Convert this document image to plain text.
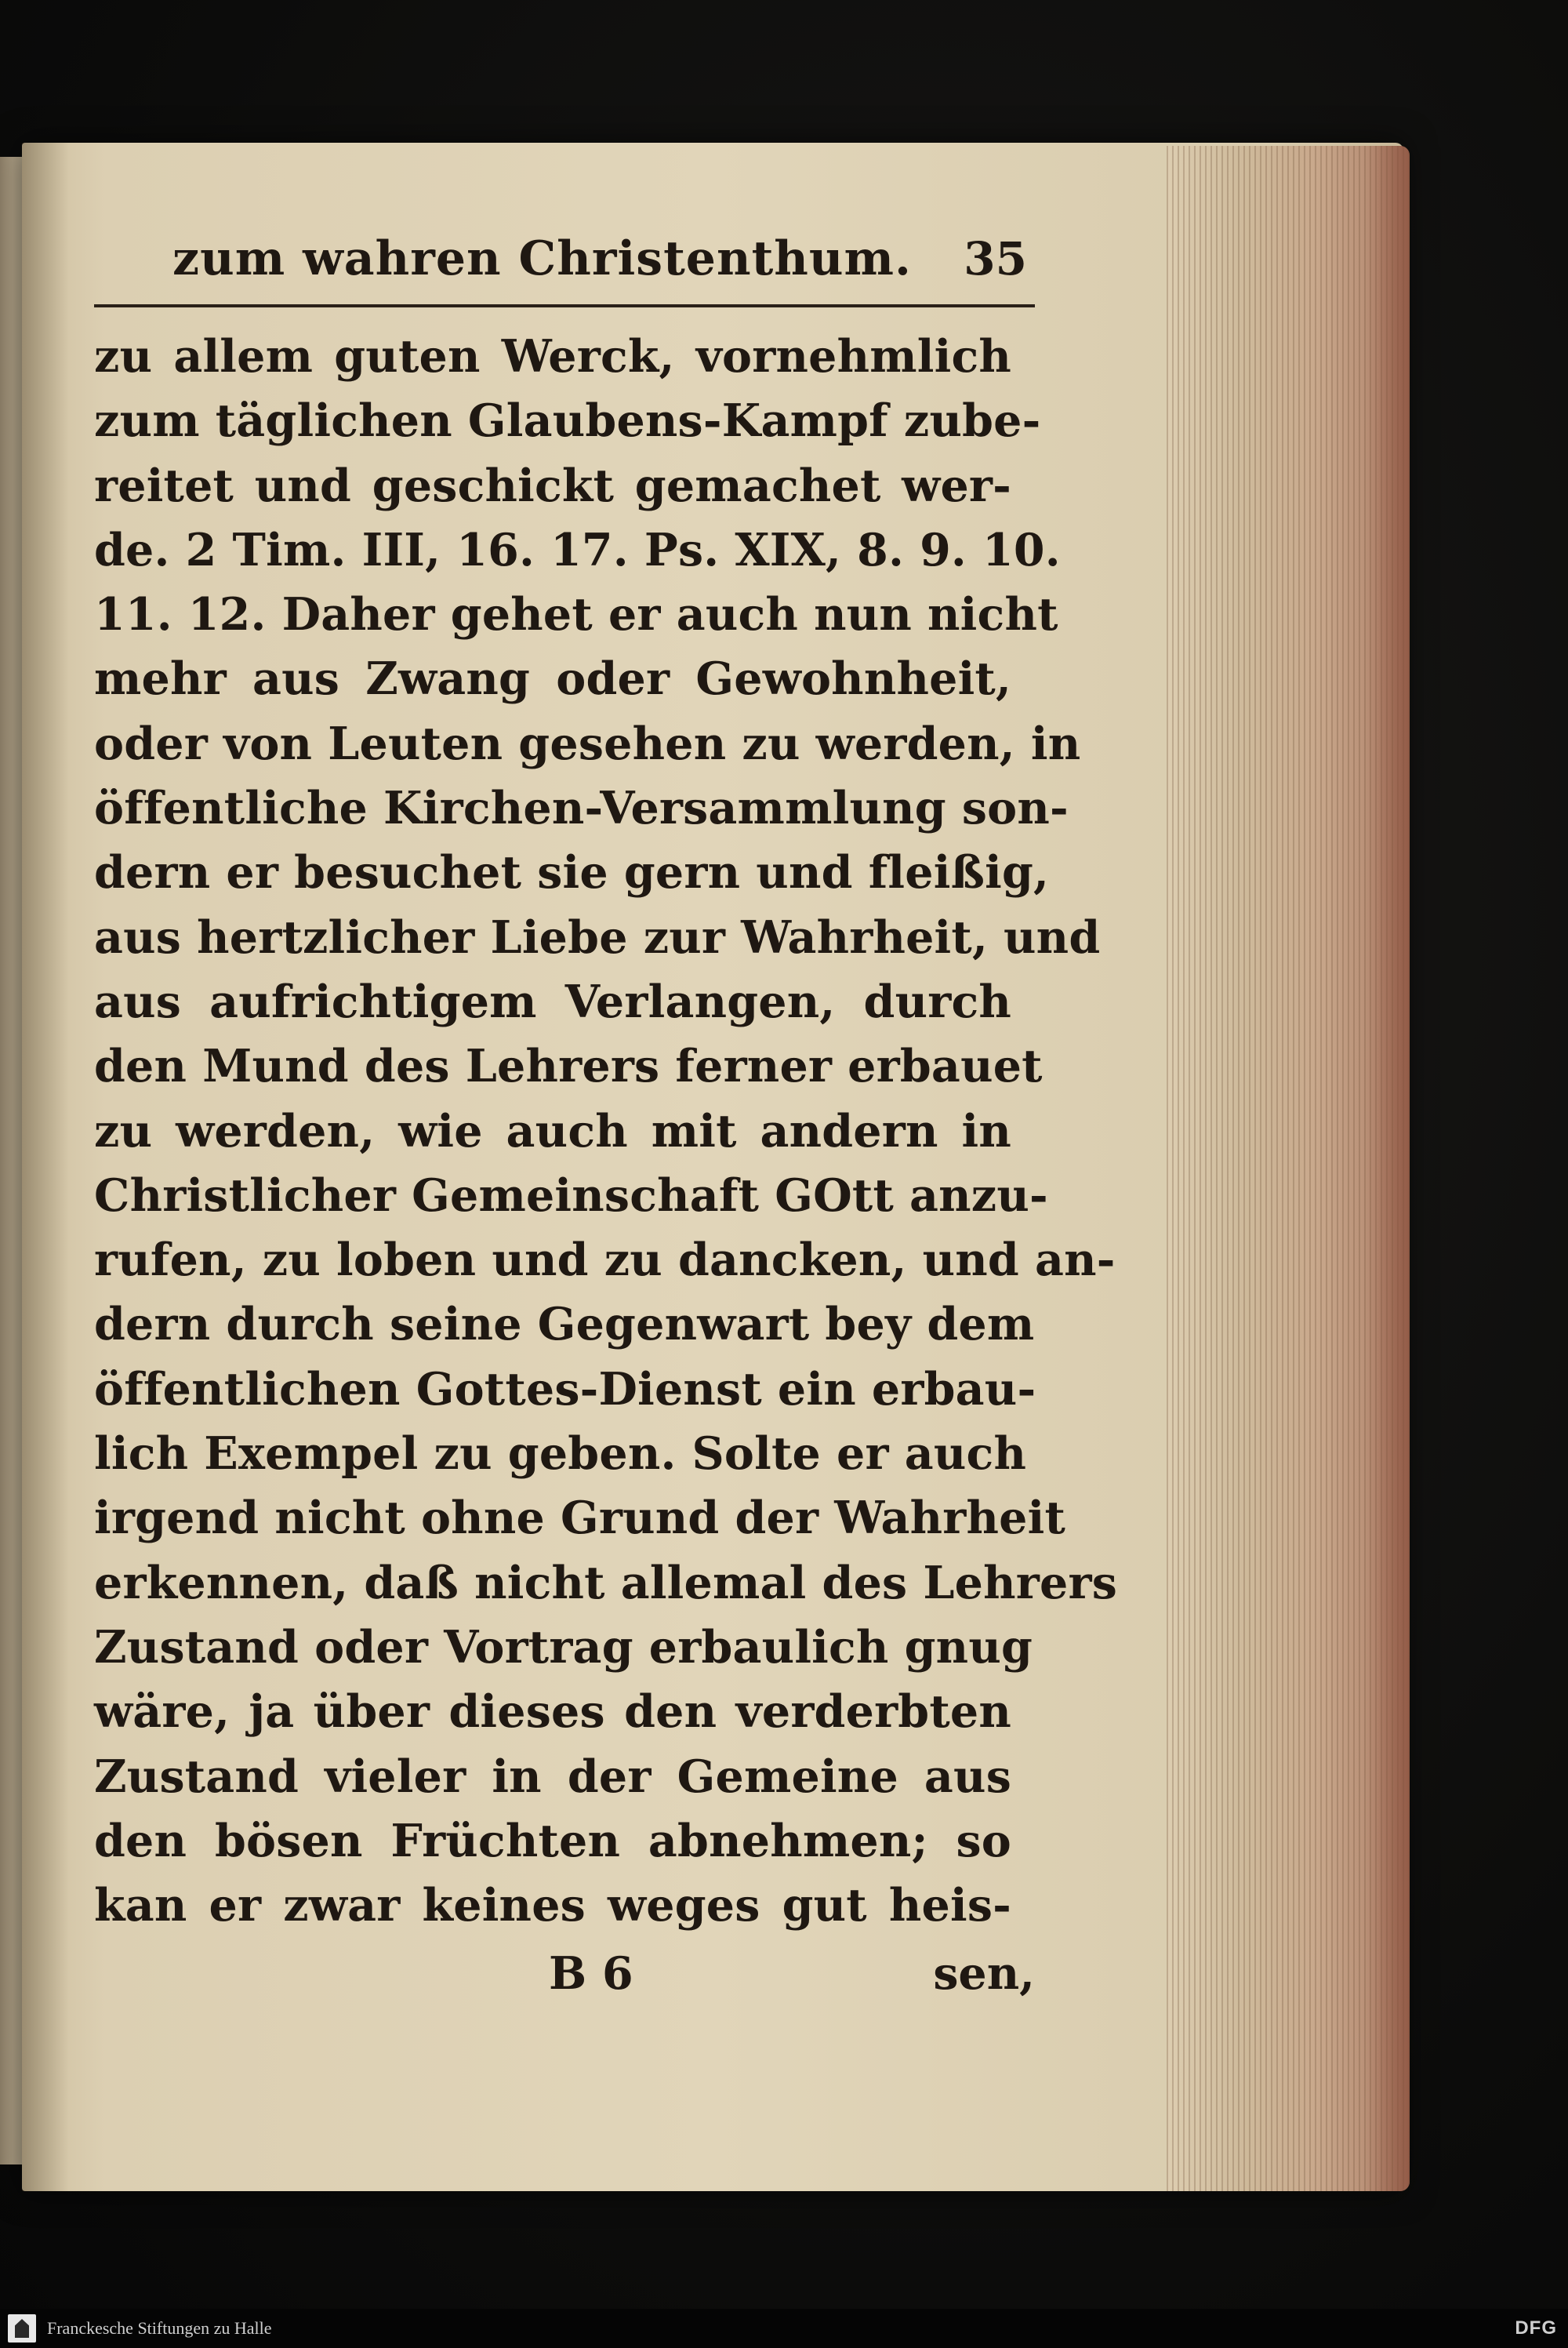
zum wahren Christenthum. 35
zu allem guten Werck, vornehmlich
zum täglichen Glaubens-Kampf zube-
reitet und geschickt gemachet wer-
de. 2 Tim. III, 16. 17. Ps. XIX, 8. 9. 10.
11. 12. Daher gehet er auch nun nicht
mehr aus Zwang oder Gewohnheit,
oder von Leuten gesehen zu werden, in
öffentliche Kirchen-Versammlung son-
dern er besuchet sie gern und fleißig,
aus hertzlicher Liebe zur Wahrheit, und
aus aufrichtigem Verlangen, durch
den Mund des Lehrers ferner erbauet
zu werden, wie auch mit andern in
Christlicher Gemeinschaft GOtt anzu-
rufen, zu loben und zu dancken, und an-
dern durch seine Gegenwart bey dem
öffentlichen Gottes-Dienst ein erbau-
lich Exempel zu geben. Solte er auch
irgend nicht ohne Grund der Wahrheit
erkennen, daß nicht allemal des Lehrers
Zustand oder Vortrag erbaulich gnug
wäre, ja über dieses den verderbten
Zustand vieler in der Gemeine aus
den bösen Früchten abnehmen; so
kan er zwar keines weges gut heis-
B 6	sen,
Franckesche Stiftungen zu Halle	DFG
